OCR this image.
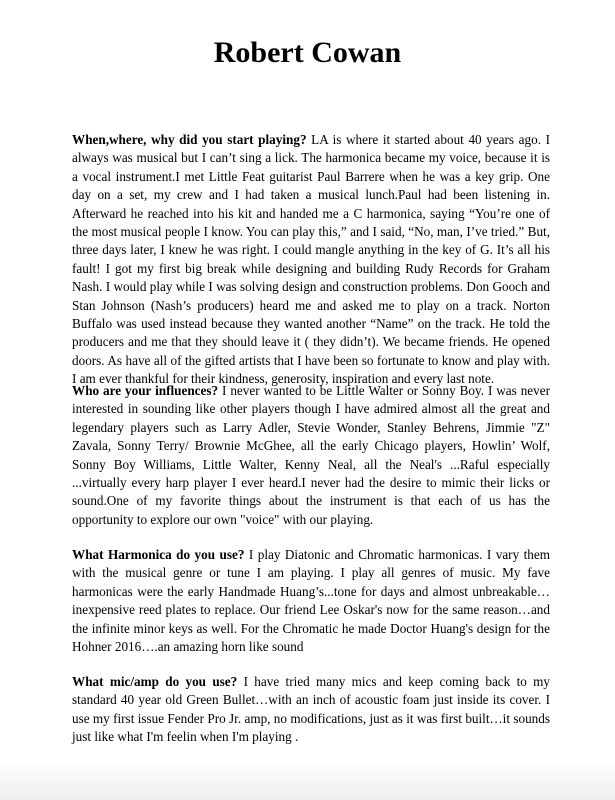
Robert Cowan

When,where, why did you start playing? LA is where it started about 40 years ago. I always was musical but I can’t sing a lick. The harmonica became my voice, because it is a vocal instrument.I met Little Feat guitarist Paul Barrere when he was a key grip. One day on a set, my crew and I had taken a musical lunch.Paul had been listening in. Afterward he reached into his kit and handed me a C harmonica, saying “You’re one of the most musical people I know. You can play this,” and I said, “No, man, I’ve tried.” But, three days later, I knew he was right. I could mangle anything in the key of G. It’s all his fault! I got my first big break while designing and building Rudy Records for Graham Nash. I would play while I was solving design and construction problems. Don Gooch and Stan Johnson (Nash’s producers) heard me and asked me to play on a track. Norton Buffalo was used instead because they wanted another “Name” on the track. He told the producers and me that they should leave it ( they didn’t). We became friends. He opened doors. As have all of the gifted artists that I have been so fortunate to know and play with. I am ever thankful for their kindness, generosity, inspiration and every last note.

Who are your influences? I never wanted to be Little Walter or Sonny Boy. I was never interested in sounding like other players though I have admired almost all the great and legendary players such as Larry Adler, Stevie Wonder, Stanley Behrens, Jimmie "Z" Zavala, Sonny Terry/ Brownie McGhee, all the early Chicago players, Howlin’ Wolf, Sonny Boy Williams, Little Walter, Kenny Neal, all the Neal's ...Raful especially ...virtually every harp player I ever heard.I never had the desire to mimic their licks or sound.One of my favorite things about the instrument is that each of us has the opportunity to explore our own "voice" with our playing.

What Harmonica do you use? I play Diatonic and Chromatic harmonicas. I vary them with the musical genre or tune I am playing. I play all genres of music. My fave harmonicas were the early Handmade Huang’s...tone for days and almost unbreakable…inexpensive reed plates to replace. Our friend Lee Oskar's now for the same reason…and the infinite minor keys as well. For the Chromatic he made Doctor Huang's design for the Hohner 2016….an amazing horn like sound

What mic/amp do you use? I have tried many mics and keep coming back to my standard 40 year old Green Bullet…with an inch of acoustic foam just inside its cover. I use my first issue Fender Pro Jr. amp, no modifications, just as it was first built…it sounds just like what I'm feelin when I'm playing .
